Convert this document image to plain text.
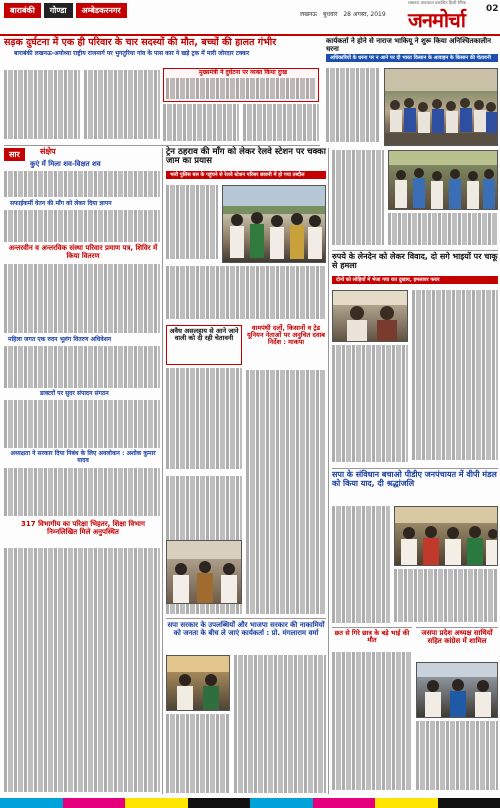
बाराबंकी	गोण्डा	अम्बेडकरनगर	लखनऊ बुधवार 28 अगस्त, 2019
लखनऊ प्रातःकाल प्रकाशित हिन्दी दैनिक
जनमोर्चा 02
सड़क दुर्घटना में एक ही परिवार के चार सदस्यों की मौत, बच्चों की हालत गंभीर
बाराबंकी लखनऊ-अयोध्या राष्ट्रीय राजमार्ग पर भुगतुरिया गांव के पास कार ने खड़े ट्रक में मारी जोरदार टक्कर
मुख्यमंत्री ने दुर्घटना पर व्यक्त किया दुःख
कार्यकर्ता ने होने से नाराज भाकियू ने शुरू किया अनिश्चितकालीन धरना
अधिकारियों के धरना पर न आने पर दी भारत किसान के आवाहन के किसान की चेतावनी
सार	संक्षेप
कुएं में मिला शव-विक्षत शव
सफाईकर्मी वेतन की माँग को लेकर दिया ज्ञापन
अन्तरवीन व अन्तरविक संस्था परिवार प्रमाण पत्र, शिविर में किया वितरण
महिला जगत एक रुदन भूलंग वितरण अधिवेशन
डाक्टरों पर सुदर संपादन संगठन
अध्यक्षता ने सरकार दिया निबंध के लिए अवलोकन : अशोक कुमार यादव
317 विभागीय का परिक्षा भिहतर, शिक्षा विभाग निम्नलिखित मिले अनुपस्थित
ट्रेन ठहराव की माँग को लेकर रेलवे स्टेशन पर चक्का जाम का प्रयास
भारी पुलिस बल के पहुंचने से रेलवे स्टेशन परिसर छावनी में हो गया तब्दील
अवैध असलहाय से आने जाने वाली को दी रही चेतावनी
वामपंथी दलों, किसानों व ट्रेड यूनियन नेताओं पर अनुचित दवाब निर्देश : माकपा
सपा सरकार के उपलब्धियों और भाजपा सरकार की नाकामियों को जनता के बीच ले जाएं कार्यकर्ता : प्रो. मंगलाराम वर्मा
रुपये के लेनदेन को लेकर विवाद, दो सगे भाइयों पर चाकू से हमला
दोनों को लोहियाँ में भेजा गया रात दुखाय, हमलावर फरार
सपा के संविधान बचाओ पीडीए जनपंचायत में वीपी मंडल को किया याद, दी श्रद्धांजलि
छत से गिरे छात्र के बड़े भाई की मौत
जसपा प्रदेश अध्यक्ष साथियों सहित कांग्रेस में शामिल
